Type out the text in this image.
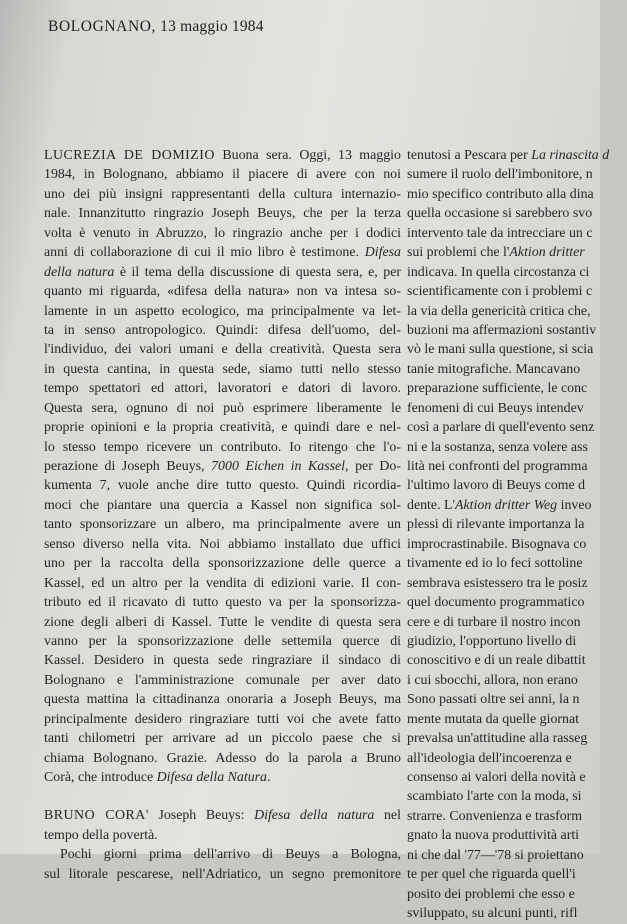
BOLOGNANO, 13 maggio 1984
LUCREZIA DE DOMIZIO Buona sera. Oggi, 13 maggio
1984, in Bolognano, abbiamo il piacere di avere con noi
uno dei più insigni rappresentanti della cultura internazio-
nale. Innanzitutto ringrazio Joseph Beuys, che per la terza
volta è venuto in Abruzzo, lo ringrazio anche per i dodici
anni di collaborazione di cui il mio libro è testimone. Difesa
della natura è il tema della discussione di questa sera, e, per
quanto mi riguarda, «difesa della natura» non va intesa so-
lamente in un aspetto ecologico, ma principalmente va let-
ta in senso antropologico. Quindi: difesa dell'uomo, del-
l'individuo, dei valori umani e della creatività. Questa sera
in questa cantina, in questa sede, siamo tutti nello stesso
tempo spettatori ed attori, lavoratori e datori di lavoro.
Questa sera, ognuno di noi può esprimere liberamente le
proprie opinioni e la propria creatività, e quindi dare e nel-
lo stesso tempo ricevere un contributo. Io ritengo che l'o-
perazione di Joseph Beuys, 7000 Eichen in Kassel, per Do-
kumenta 7, vuole anche dire tutto questo. Quindi ricordia-
moci che piantare una quercia a Kassel non significa sol-
tanto sponsorizzare un albero, ma principalmente avere un
senso diverso nella vita. Noi abbiamo installato due uffici
uno per la raccolta della sponsorizzazione delle querce a
Kassel, ed un altro per la vendita di edizioni varie. Il con-
tributo ed il ricavato di tutto questo va per la sponsorizza-
zione degli alberi di Kassel. Tutte le vendite di questa sera
vanno per la sponsorizzazione delle settemila querce di
Kassel. Desidero in questa sede ringraziare il sindaco di
Bolognano e l'amministrazione comunale per aver dato
questa mattina la cittadinanza onoraria a Joseph Beuys, ma
principalmente desidero ringraziare tutti voi che avete fatto
tanti chilometri per arrivare ad un piccolo paese che si
chiama Bolognano. Grazie. Adesso do la parola a Bruno
Corà, che introduce Difesa della Natura.
BRUNO CORA' Joseph Beuys: Difesa della natura nel
tempo della povertà.
Pochi giorni prima dell'arrivo di Beuys a Bologna,
sul litorale pescarese, nell'Adriatico, un segno premonitore
tenutosi a Pescara per La rinascita d
sumere il ruolo dell'imbonitore, n
mio specifico contributo alla dina
quella occasione si sarebbero svo
intervento tale da intrecciare un c
sui problemi che l'Aktion dritter
indicava. In quella circostanza ci
scientificamente con i problemi c
la via della genericità critica che,
buzioni ma affermazioni sostantiv
vò le mani sulla questione, si scia
tanie mitografiche. Mancavano
preparazione sufficiente, le conc
fenomeni di cui Beuys intendev
così a parlare di quell'evento senz
ni e la sostanza, senza volere ass
lità nei confronti del programma
l'ultimo lavoro di Beuys come d
dente. L'Aktion dritter Weg inveo
plessi di rilevante importanza la
improcrastinabile. Bisognava co
tivamente ed io lo feci sottoline
sembrava esistessero tra le posiz
quel documento programmatico
cere e di turbare il nostro incon
giudizio, l'opportuno livello di
conoscitivo e di un reale dibattit
i cui sbocchi, allora, non erano
Sono passati oltre sei anni, la n
mente mutata da quelle giornat
prevalsa un'attitudine alla rasseg
all'ideologia dell'incoerenza e
consenso ai valori della novità e
scambiato l'arte con la moda, si
strarre. Convenienza e trasform
gnato la nuova produttività arti
ni che dal '77—'78 si proiettano
te per quel che riguarda quell'i
posito dei problemi che esso e
sviluppato, su alcuni punti, rifl
